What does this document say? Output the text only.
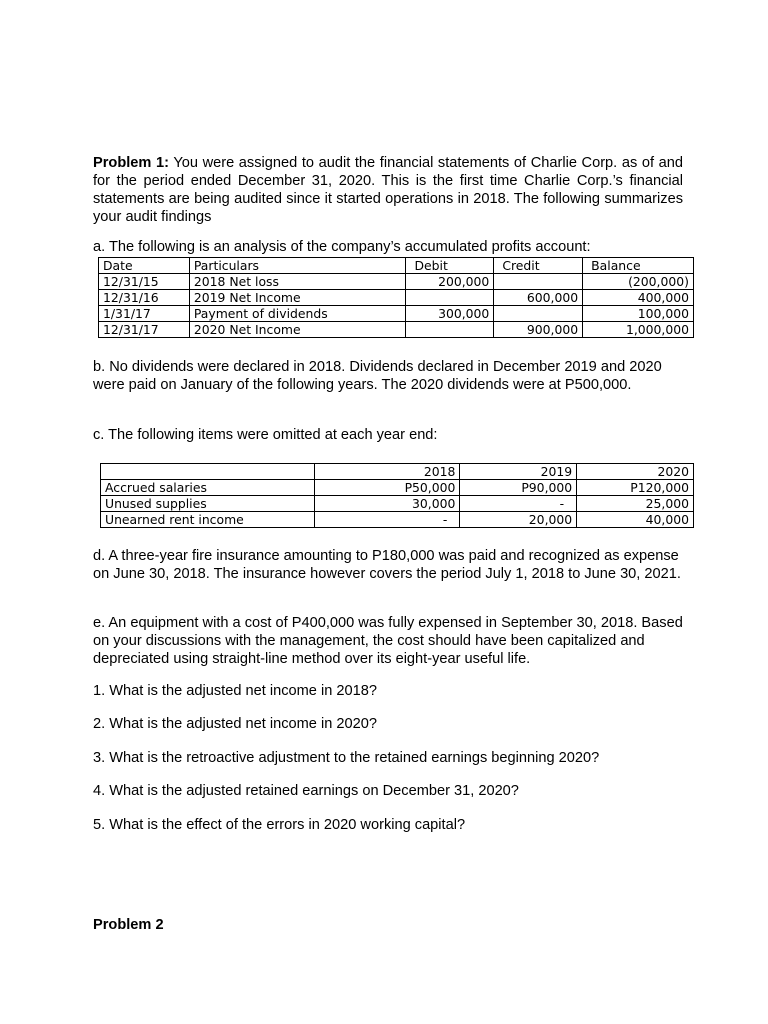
Problem 1: You were assigned to audit the financial statements of Charlie Corp. as of and for the period ended December 31, 2020. This is the first time Charlie Corp.’s financial statements are being audited since it started operations in 2018. The following summarizes your audit findings
a. The following is an analysis of the company’s accumulated profits account:
Date	Particulars	Debit	Credit	Balance
12/31/15	2018 Net loss	200,000		(200,000)
12/31/16	2019 Net Income		600,000	400,000
1/31/17	Payment of dividends	300,000		100,000
12/31/17	2020 Net Income		900,000	1,000,000
b. No dividends were declared in 2018. Dividends declared in December 2019 and 2020 were paid on January of the following years. The 2020 dividends were at P500,000.
c. The following items were omitted at each year end:
	2018	2019	2020
Accrued salaries	P50,000	P90,000	P120,000
Unused supplies	30,000	-	25,000
Unearned rent income	-	20,000	40,000
d. A three-year fire insurance amounting to P180,000 was paid and recognized as expense on June 30, 2018. The insurance however covers the period July 1, 2018 to June 30, 2021.
e. An equipment with a cost of P400,000 was fully expensed in September 30, 2018. Based on your discussions with the management, the cost should have been capitalized and depreciated using straight-line method over its eight-year useful life.
1. What is the adjusted net income in 2018?
2. What is the adjusted net income in 2020?
3. What is the retroactive adjustment to the retained earnings beginning 2020?
4. What is the adjusted retained earnings on December 31, 2020?
5. What is the effect of the errors in 2020 working capital?
Problem 2
